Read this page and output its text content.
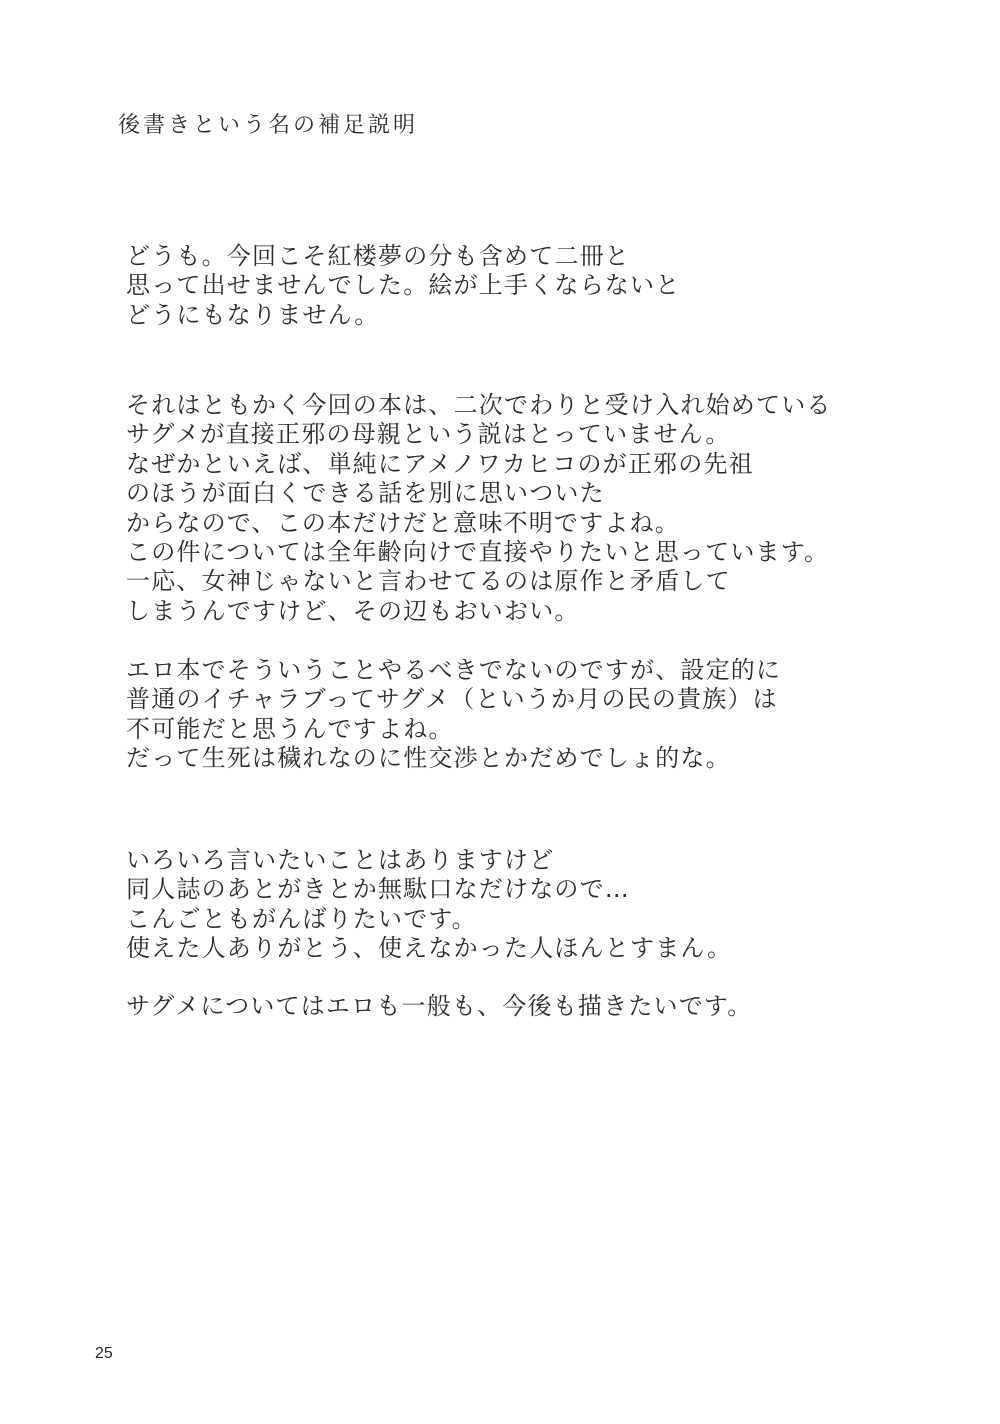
後書きという名の補足説明
どうも。今回こそ紅楼夢の分も含めて二冊と
思って出せませんでした。絵が上手くならないと
どうにもなりません。
それはともかく今回の本は、二次でわりと受け入れ始めている
サグメが直接正邪の母親という説はとっていません。
なぜかといえば、単純にアメノワカヒコのが正邪の先祖
のほうが面白くできる話を別に思いついた
からなので、この本だけだと意味不明ですよね。
この件については全年齢向けで直接やりたいと思っています。
一応、女神じゃないと言わせてるのは原作と矛盾して
しまうんですけど、その辺もおいおい。
エロ本でそういうことやるべきでないのですが、設定的に
普通のイチャラブってサグメ（というか月の民の貴族）は
不可能だと思うんですよね。
だって生死は穢れなのに性交渉とかだめでしょ的な。
いろいろ言いたいことはありますけど
同人誌のあとがきとか無駄口なだけなので…
こんごともがんばりたいです。
使えた人ありがとう、使えなかった人ほんとすまん。
サグメについてはエロも一般も、今後も描きたいです。
25
